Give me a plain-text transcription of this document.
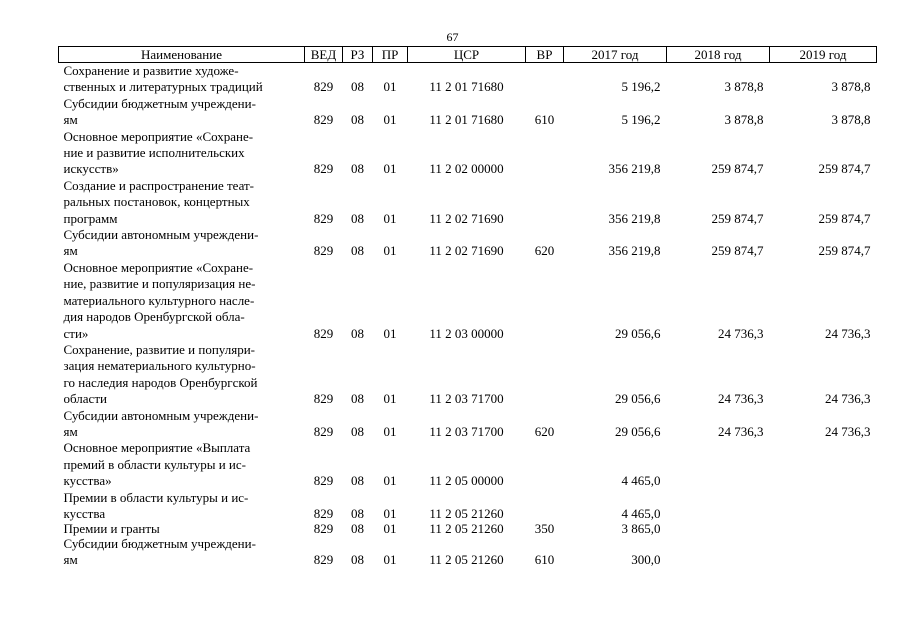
67
Наименование	ВЕД	РЗ	ПР	ЦСР	ВР	2017 год	2018 год	2019 год
Сохранение и развитие художе-
ственных и литературных традиций	829	08	01	11 2 01 71680		5 196,2	3 878,8	3 878,8
Субсидии бюджетным учреждени-
ям	829	08	01	11 2 01 71680	610	5 196,2	3 878,8	3 878,8
Основное мероприятие «Сохране-
ние и развитие исполнительских
искусств»	829	08	01	11 2 02 00000		356 219,8	259 874,7	259 874,7
Создание и распространение теат-
ральных постановок, концертных
программ	829	08	01	11 2 02 71690		356 219,8	259 874,7	259 874,7
Субсидии автономным учреждени-
ям	829	08	01	11 2 02 71690	620	356 219,8	259 874,7	259 874,7
Основное мероприятие «Сохране-
ние, развитие и популяризация не-
материального культурного насле-
дия народов Оренбургской обла-
сти»	829	08	01	11 2 03 00000		29 056,6	24 736,3	24 736,3
Сохранение, развитие и популяри-
зация нематериального культурно-
го наследия народов Оренбургской
области	829	08	01	11 2 03 71700		29 056,6	24 736,3	24 736,3
Субсидии автономным учреждени-
ям	829	08	01	11 2 03 71700	620	29 056,6	24 736,3	24 736,3
Основное мероприятие «Выплата
премий в области культуры и ис-
кусства»	829	08	01	11 2 05 00000		4 465,0		
Премии в области культуры и ис-
кусства	829	08	01	11 2 05 21260		4 465,0		
Премии и гранты	829	08	01	11 2 05 21260	350	3 865,0		
Субсидии бюджетным учреждени-
ям	829	08	01	11 2 05 21260	610	300,0		
